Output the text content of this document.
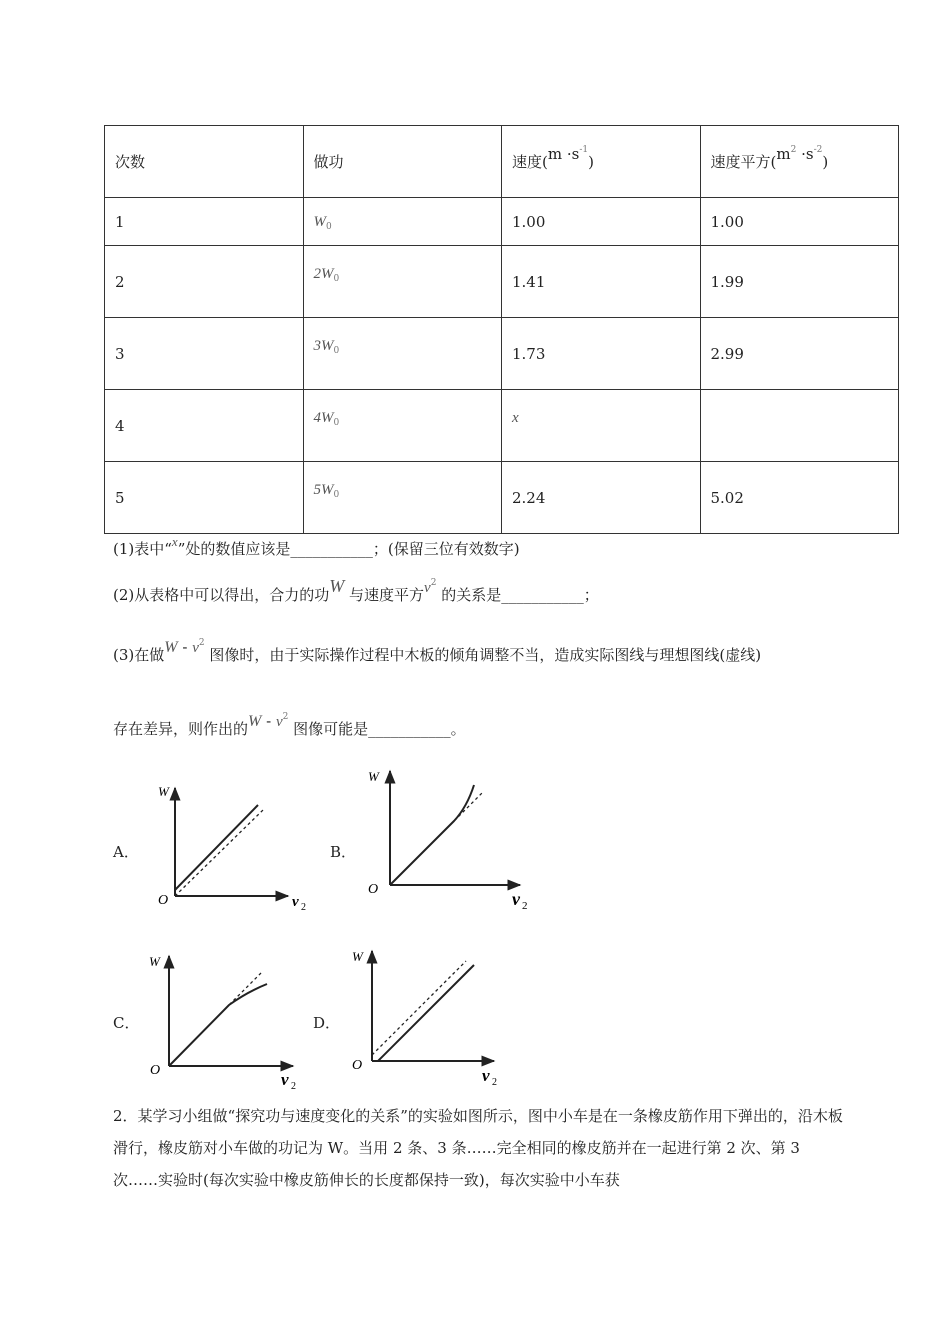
次数	做功	速度$(m \cdot s^{-1})$	速度平方$(m^2 \cdot s^{-2})$
1	$W_0$	1.00	1.00
2	$2W_0$	1.41	1.99
3	$3W_0$	1.73	2.99
4	$4W_0$	x	
5	$5W_0$	2.24	5.02
(1)表中“x”处的数值应该是___________；(保留三位有效数字)
(2)从表格中可以得出，合力的功W 与速度平方$v^2$ 的关系是___________；
(3)在做W - $v^2$ 图像时，由于实际操作过程中木板的倾角调整不当，造成实际图线与理想图线(虚线)
存在差异，则作出的W - $v^2$ 图像可能是___________。
A．
W
O	v 2
B．
W
O	v 2
C．
W
O	v 2
D．
W
O
v 2
2．某学习小组做“探究功与速度变化的关系”的实验如图所示，图中小车是在一条橡皮筋作用下弹出的，沿木板滑行，橡皮筋对小车做的功记为 W。当用 2 条、3 条……完全相同的橡皮筋并在一起进行第 2 次、第 3 次……实验时(每次实验中橡皮筋伸长的长度都保持一致)，每次实验中小车获
